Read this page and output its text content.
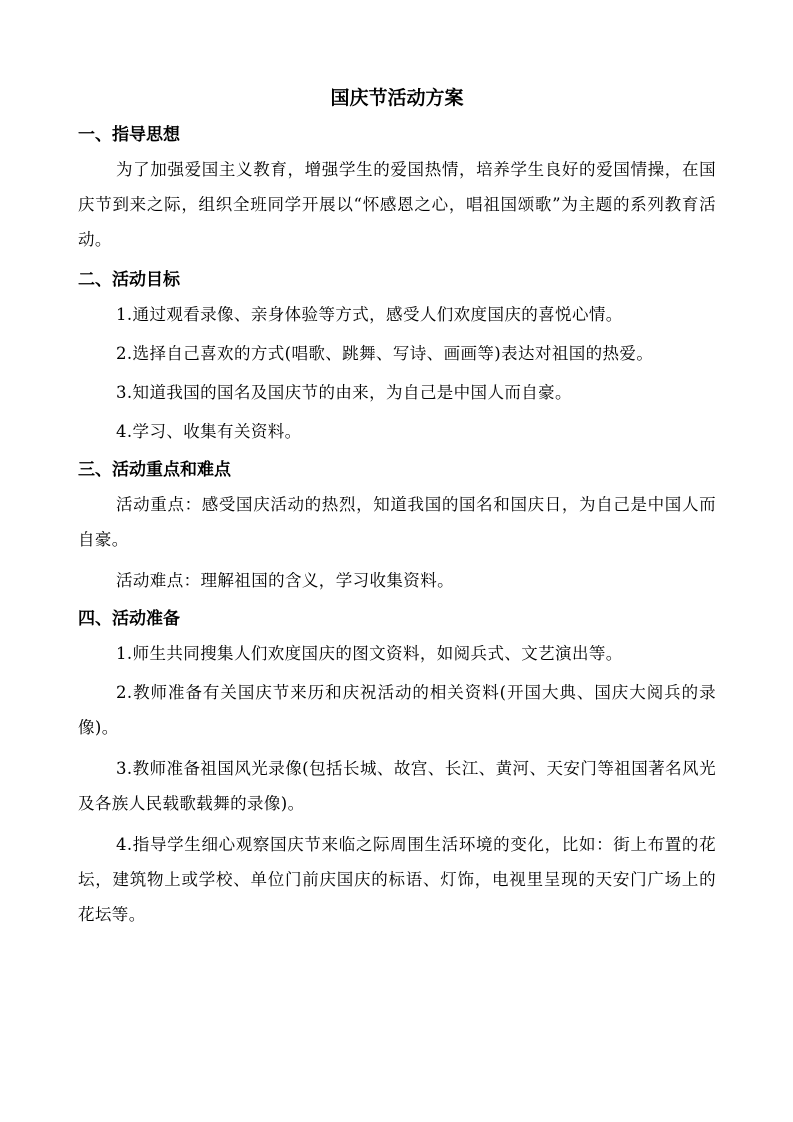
国庆节活动方案
一、指导思想

为了加强爱国主义教育，增强学生的爱国热情，培养学生良好的爱国情操，在国庆节到来之际，组织全班同学开展以“怀感恩之心，唱祖国颂歌”为主题的系列教育活动。

二、活动目标

1.通过观看录像、亲身体验等方式，感受人们欢度国庆的喜悦心情。

2.选择自己喜欢的方式(唱歌、跳舞、写诗、画画等)表达对祖国的热爱。

3.知道我国的国名及国庆节的由来，为自己是中国人而自豪。

4.学习、收集有关资料。

三、活动重点和难点

活动重点：感受国庆活动的热烈，知道我国的国名和国庆日，为自己是中国人而自豪。

活动难点：理解祖国的含义，学习收集资料。

四、活动准备

1.师生共同搜集人们欢度国庆的图文资料，如阅兵式、文艺演出等。

2.教师准备有关国庆节来历和庆祝活动的相关资料(开国大典、国庆大阅兵的录像)。

3.教师准备祖国风光录像(包括长城、故宫、长江、黄河、天安门等祖国著名风光及各族人民载歌载舞的录像)。

4.指导学生细心观察国庆节来临之际周围生活环境的变化，比如：街上布置的花坛，建筑物上或学校、单位门前庆国庆的标语、灯饰，电视里呈现的天安门广场上的花坛等。
